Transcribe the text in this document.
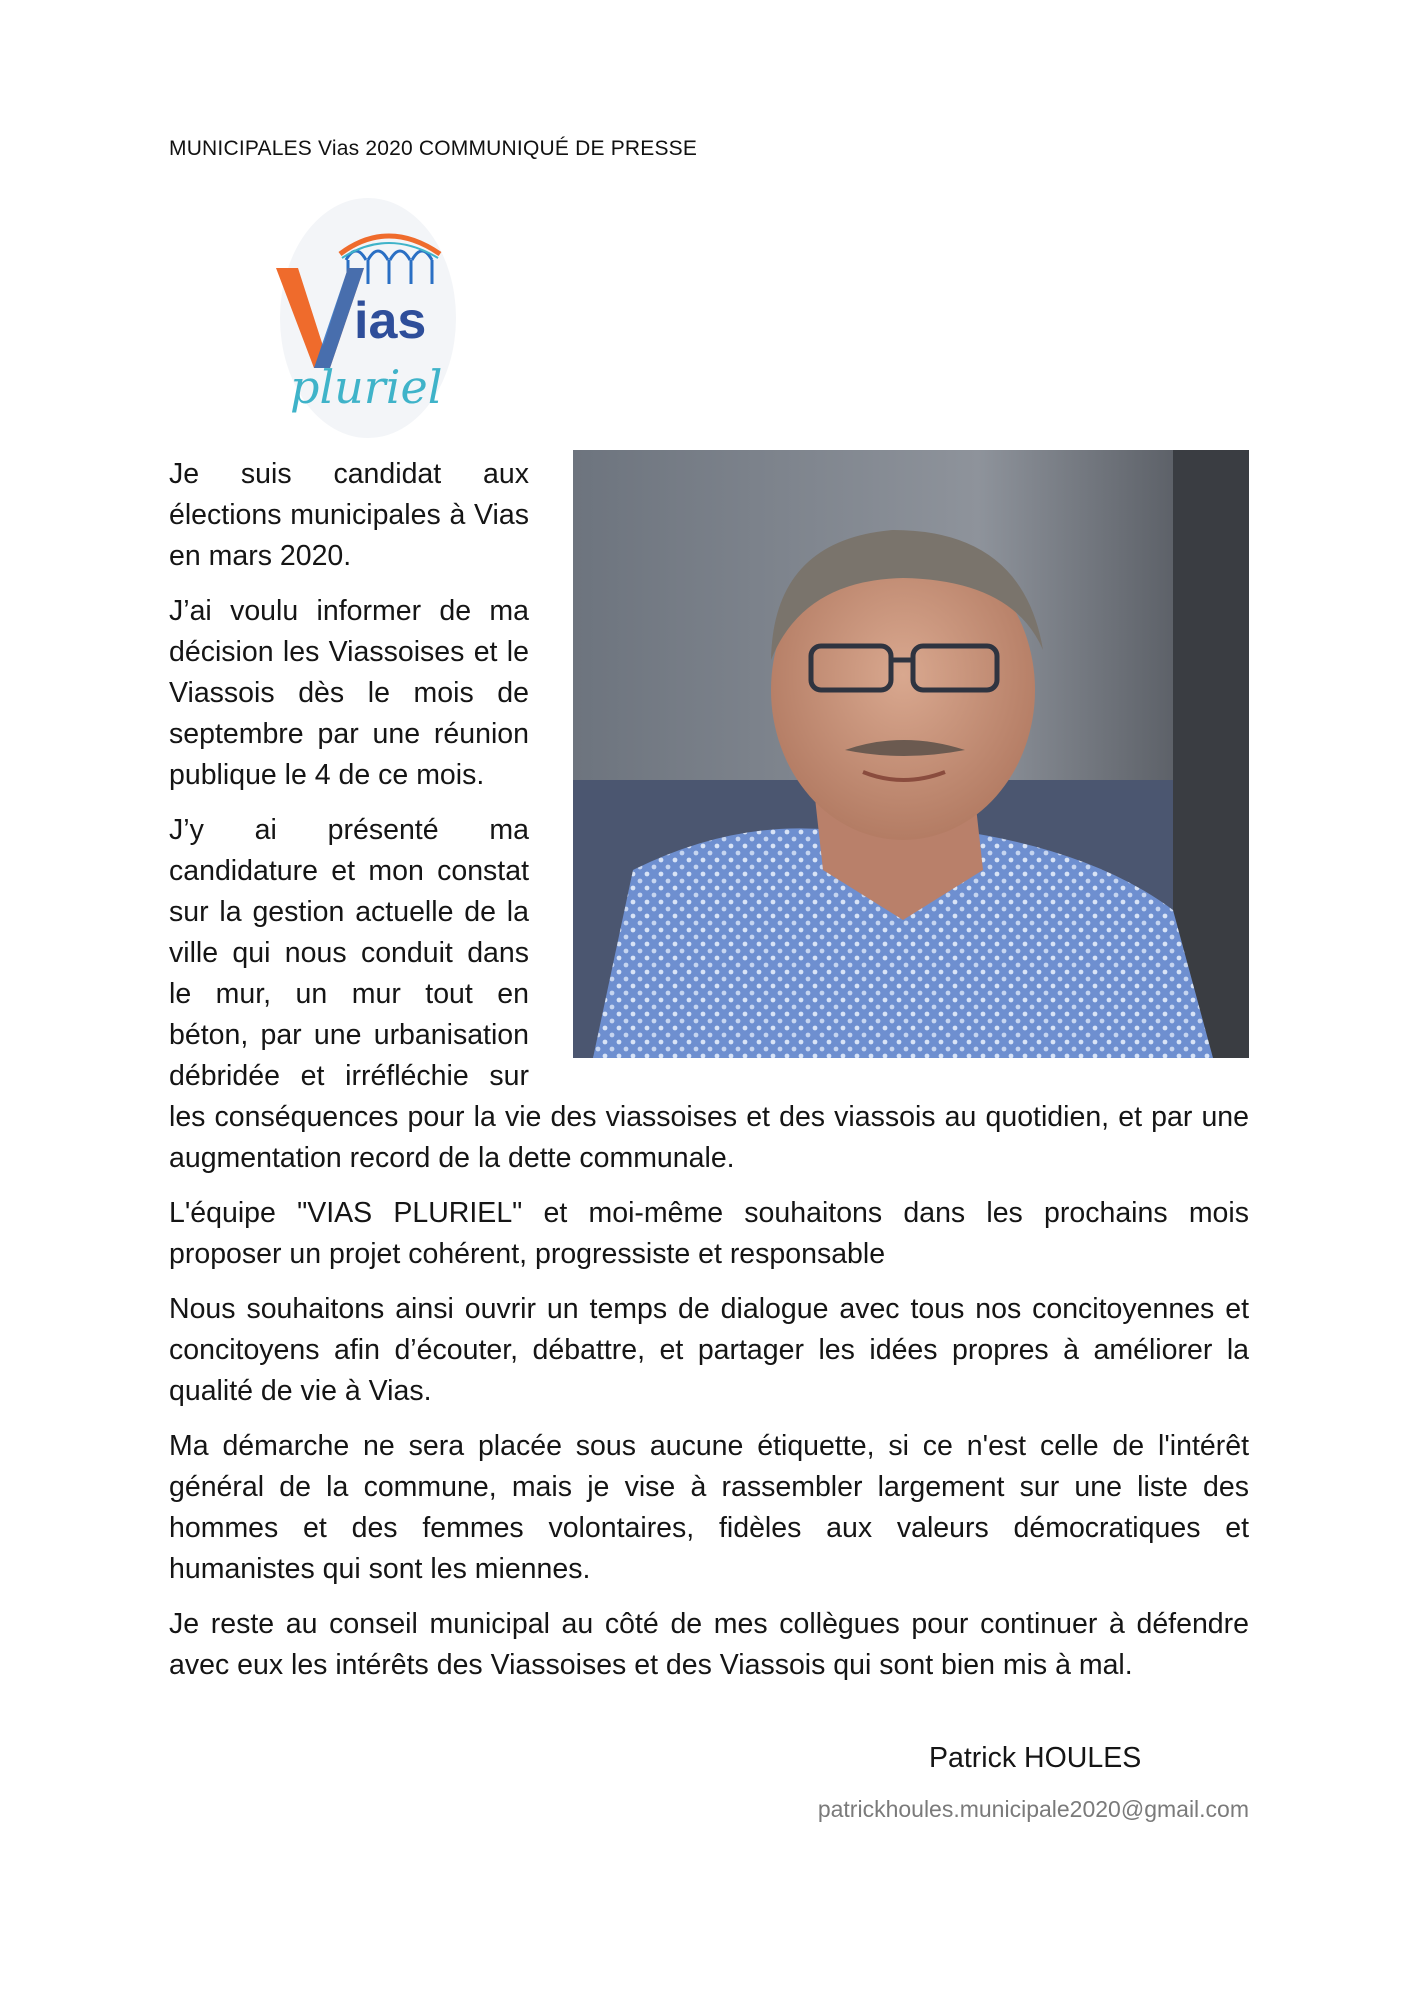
MUNICIPALES Vias 2020 COMMUNIQUÉ DE PRESSE
ias
pluriel

Je suis candidat aux élections municipales à Vias en mars 2020.

J’ai voulu informer de ma décision les Viassoises et le Viassois dès le mois de septembre par une réunion publique le 4 de ce mois.

J’y ai présenté ma candidature et mon constat sur la gestion actuelle de la ville qui nous conduit dans le mur, un mur tout en béton, par une urbanisation débridée et irréfléchie sur les conséquences pour la vie des viassoises et des viassois au quotidien, et par une augmentation record de la dette communale.

L'équipe "VIAS PLURIEL" et moi-même souhaitons dans les prochains mois proposer un projet cohérent, progressiste et responsable

Nous souhaitons ainsi ouvrir un temps de dialogue avec tous nos concitoyennes et concitoyens afin d’écouter, débattre, et partager les idées propres à améliorer la qualité de vie à Vias.

Ma démarche ne sera placée sous aucune étiquette, si ce n'est celle de l'intérêt général de la commune, mais je vise à rassembler largement sur une liste des hommes et des femmes volontaires, fidèles aux valeurs démocratiques et humanistes qui sont les miennes.

Je reste au conseil municipal au côté de mes collègues pour continuer à défendre avec eux les intérêts des Viassoises et des Viassois qui sont bien mis à mal.

Patrick HOULES
patrickhoules.municipale2020@gmail.com
